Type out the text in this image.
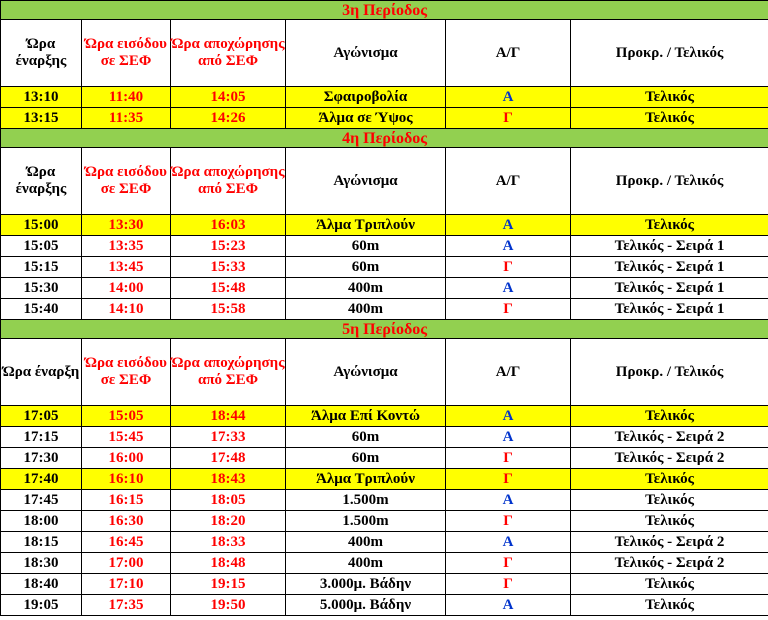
3η Περίοδος					
Ώρα έναρξης	Ώρα εισόδου σε ΣΕΦ	Ώρα αποχώρησης από ΣΕΦ	Αγώνισμα	Α/Γ	Προκρ. / Τελικός
13:10	11:40	14:05	Σφαιροβολία	Α	Τελικός
13:15	11:35	14:26	Άλμα σε Ύψος	Γ	Τελικός
4η Περίοδος					
Ώρα έναρξης	Ώρα εισόδου σε ΣΕΦ	Ώρα αποχώρησης από ΣΕΦ	Αγώνισμα	Α/Γ	Προκρ. / Τελικός
15:00	13:30	16:03	Άλμα Τριπλούν	Α	Τελικός
15:05	13:35	15:23	60m	Α	Τελικός - Σειρά 1
15:15	13:45	15:33	60m	Γ	Τελικός - Σειρά 1
15:30	14:00	15:48	400m	Α	Τελικός - Σειρά 1
15:40	14:10	15:58	400m	Γ	Τελικός - Σειρά 1
5η Περίοδος					
Ώρα έναρξη	Ώρα εισόδου σε ΣΕΦ	Ώρα αποχώρησης από ΣΕΦ	Αγώνισμα	Α/Γ	Προκρ. / Τελικός
17:05	15:05	18:44	Άλμα Επί Κοντώ	Α	Τελικός
17:15	15:45	17:33	60m	Α	Τελικός - Σειρά 2
17:30	16:00	17:48	60m	Γ	Τελικός - Σειρά 2
17:40	16:10	18:43	Άλμα Τριπλούν	Γ	Τελικός
17:45	16:15	18:05	1.500m	Α	Τελικός
18:00	16:30	18:20	1.500m	Γ	Τελικός
18:15	16:45	18:33	400m	Α	Τελικός - Σειρά 2
18:30	17:00	18:48	400m	Γ	Τελικός - Σειρά 2
18:40	17:10	19:15	3.000μ. Βάδην	Γ	Τελικός
19:05	17:35	19:50	5.000μ. Βάδην	Α	Τελικός
